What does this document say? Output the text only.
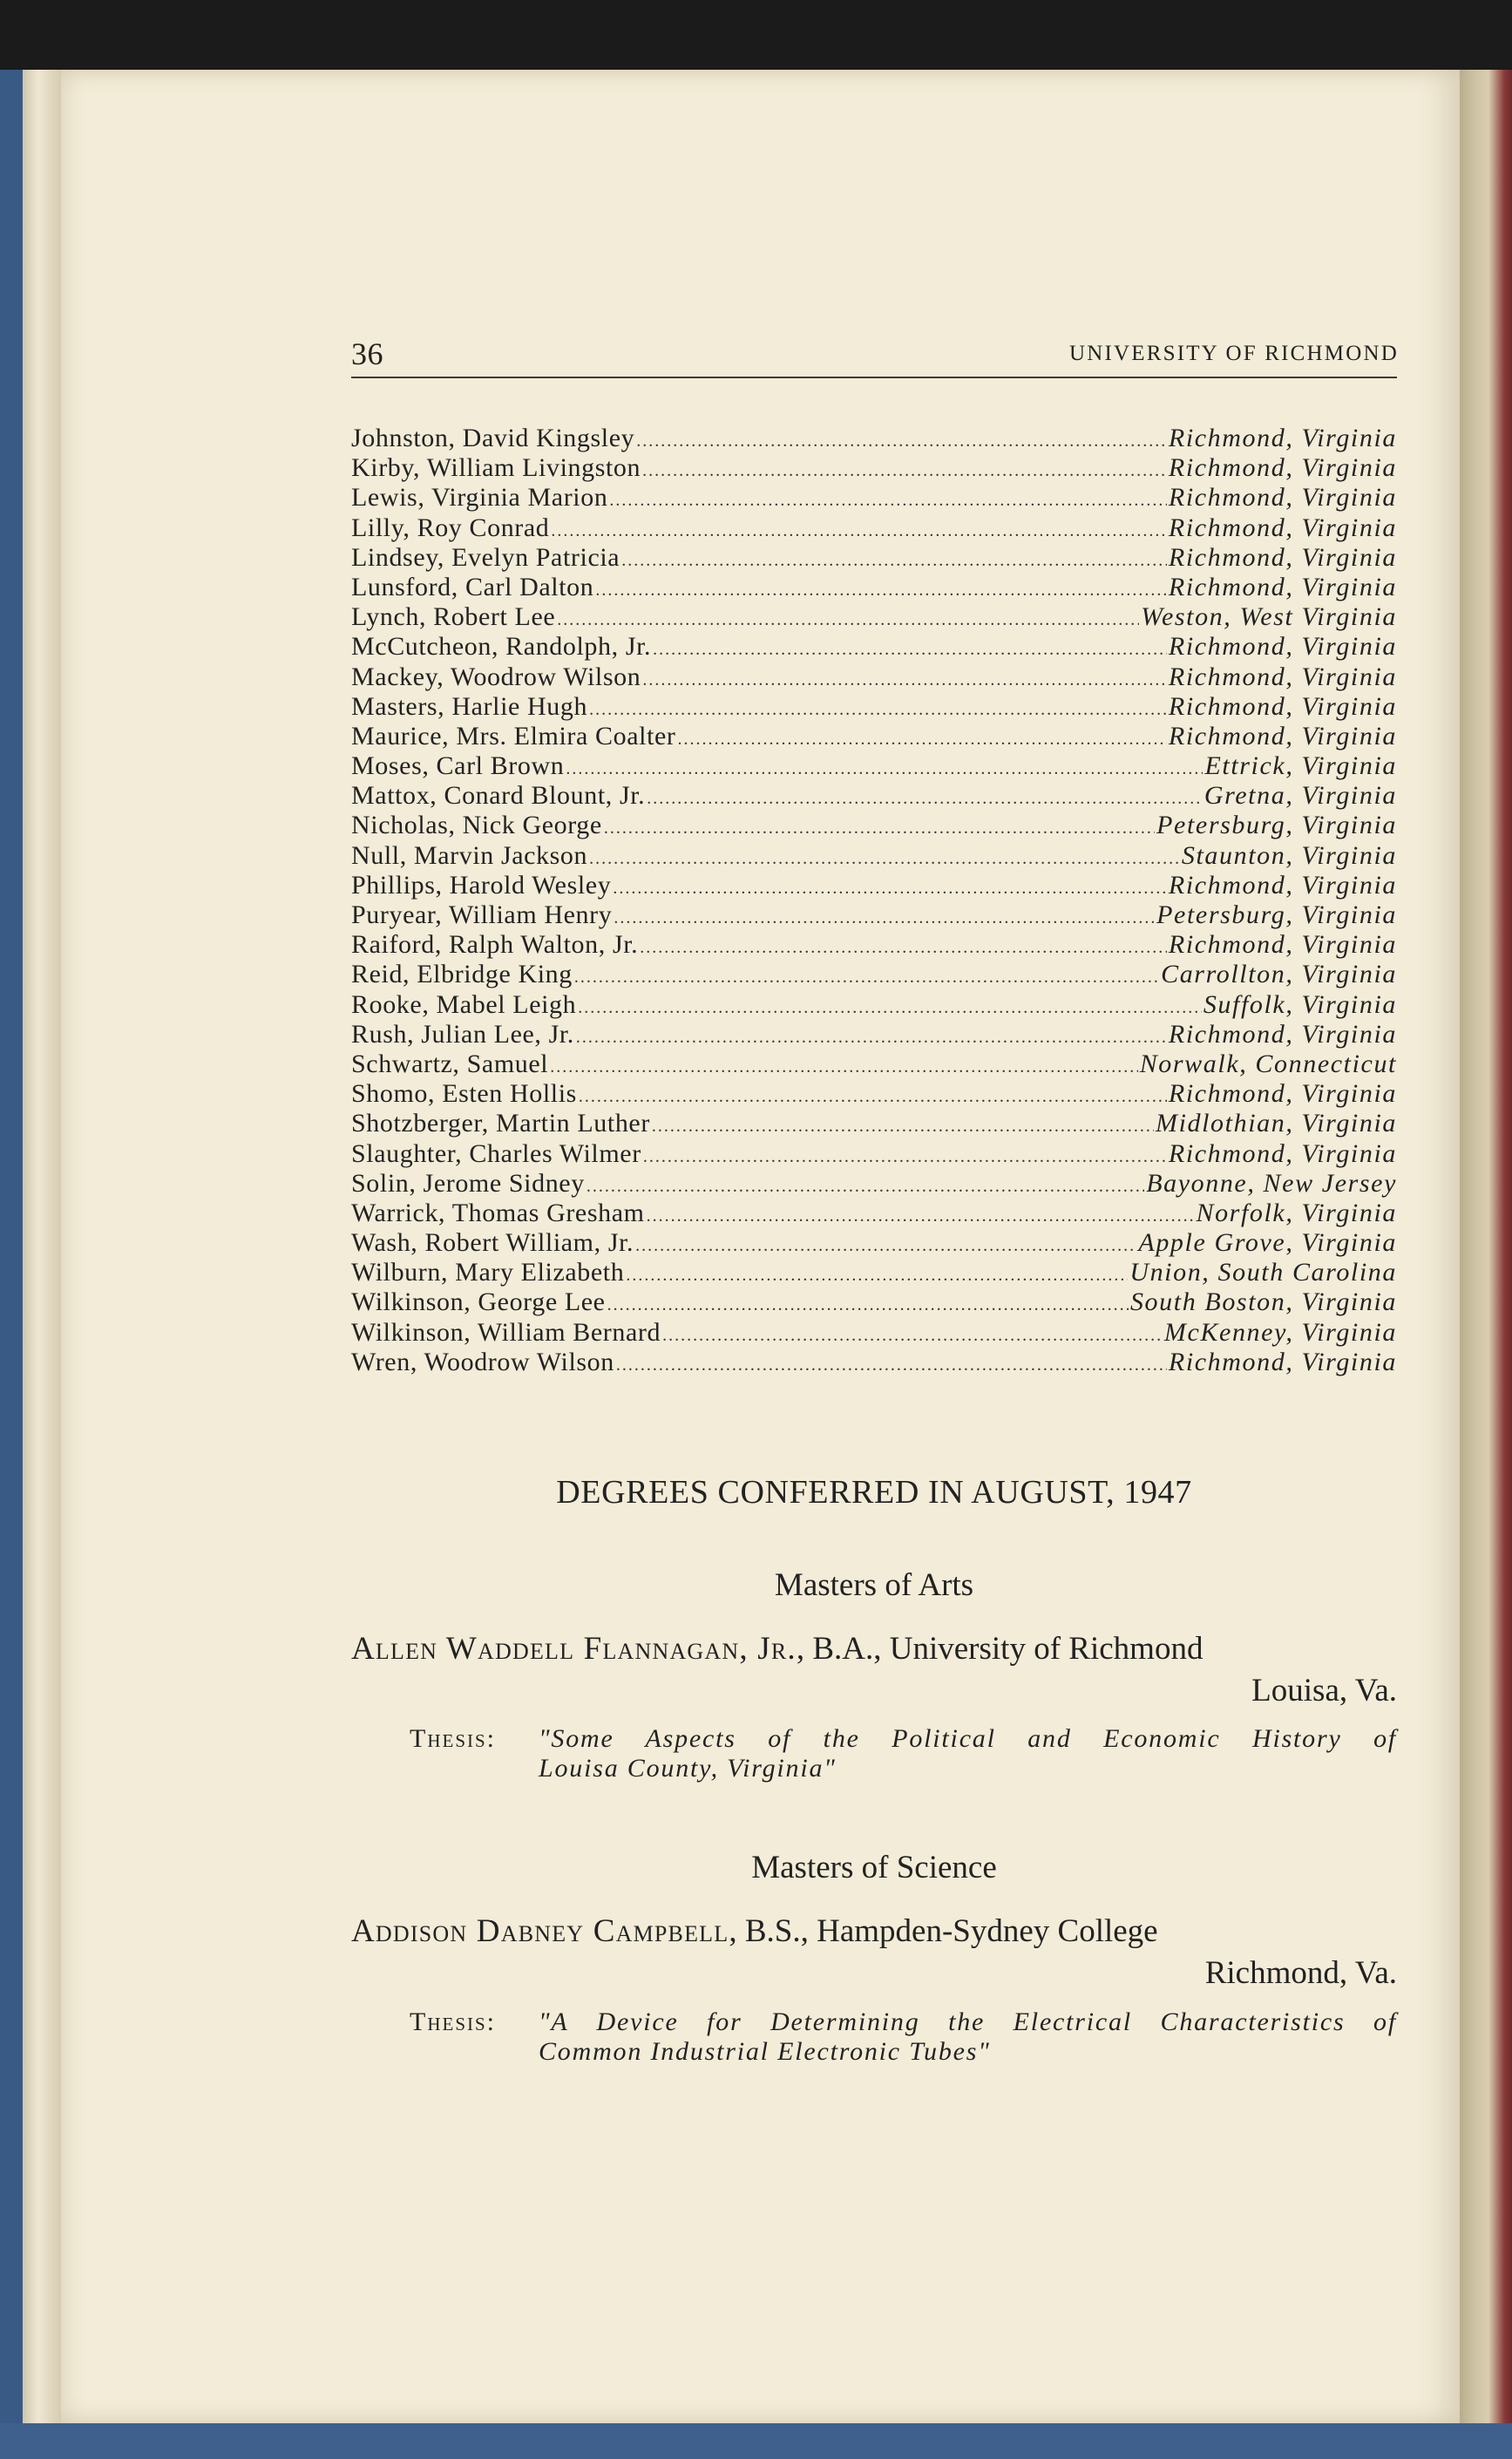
36	UNIVERSITY OF RICHMOND
Johnston, David Kingsley .....	Richmond, Virginia
Kirby, William Livingston .....	Richmond, Virginia
Lewis, Virginia Marion .....	Richmond, Virginia
Lilly, Roy Conrad .....	Richmond, Virginia
Lindsey, Evelyn Patricia .....	Richmond, Virginia
Lunsford, Carl Dalton .....	Richmond, Virginia
Lynch, Robert Lee .....	Weston, West Virginia
McCutcheon, Randolph, Jr. .....	Richmond, Virginia
Mackey, Woodrow Wilson .....	Richmond, Virginia
Masters, Harlie Hugh .....	Richmond, Virginia
Maurice, Mrs. Elmira Coalter .....	Richmond, Virginia
Moses, Carl Brown .....	Ettrick, Virginia
Mattox, Conard Blount, Jr. .....	Gretna, Virginia
Nicholas, Nick George .....	Petersburg, Virginia
Null, Marvin Jackson .....	Staunton, Virginia
Phillips, Harold Wesley .....	Richmond, Virginia
Puryear, William Henry .....	Petersburg, Virginia
Raiford, Ralph Walton, Jr. .....	Richmond, Virginia
Reid, Elbridge King .....	Carrollton, Virginia
Rooke, Mabel Leigh .....	Suffolk, Virginia
Rush, Julian Lee, Jr. .....	Richmond, Virginia
Schwartz, Samuel .....	Norwalk, Connecticut
Shomo, Esten Hollis .....	Richmond, Virginia
Shotzberger, Martin Luther .....	Midlothian, Virginia
Slaughter, Charles Wilmer .....	Richmond, Virginia
Solin, Jerome Sidney .....	Bayonne, New Jersey
Warrick, Thomas Gresham .....	Norfolk, Virginia
Wash, Robert William, Jr. .....	Apple Grove, Virginia
Wilburn, Mary Elizabeth .....	Union, South Carolina
Wilkinson, George Lee .....	South Boston, Virginia
Wilkinson, William Bernard .....	McKenney, Virginia
Wren, Woodrow Wilson .....	Richmond, Virginia
DEGREES CONFERRED IN AUGUST, 1947
Masters of Arts
Allen Waddell Flannagan, Jr., B.A., University of Richmond
Louisa, Va.
Thesis: "Some Aspects of the Political and Economic History of
Louisa County, Virginia"
Masters of Science
Addison Dabney Campbell, B.S., Hampden-Sydney College
Richmond, Va.
Thesis: "A Device for Determining the Electrical Characteristics of
Common Industrial Electronic Tubes"
